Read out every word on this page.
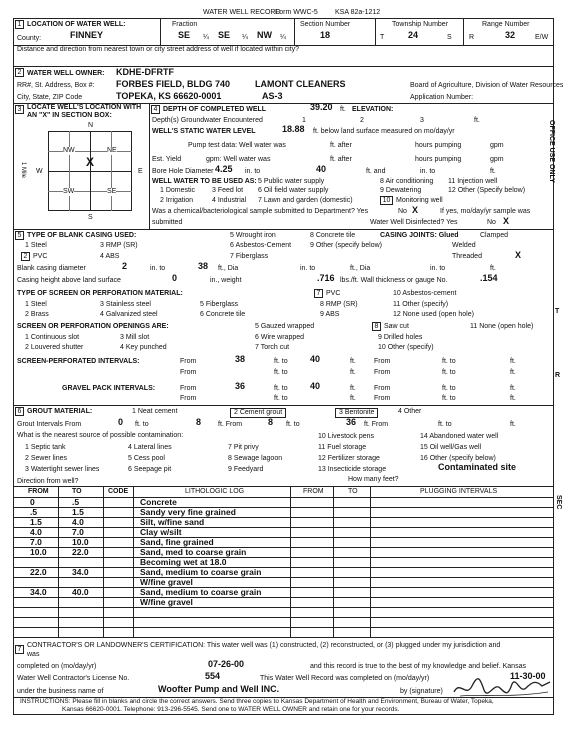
WATER WELL RECORD
Form WWC-5 KSA 82a-1212
1 LOCATION OF WATER WELL:
County:	FINNEY
Fraction
SE ¼ SE ¼ NW ¼
Section Number
18
Township Number
T	24	S
Range Number
R	32	E/W
Distance and direction from nearest town or city street address of well if located within city?
2 WATER WELL OWNER: KDHE-DFRTF
RR#, St. Address, Box #: FORBES FIELD, BLDG 740	LAMONT CLEANERS	Board of Agriculture, Division of Water Resources
City, State, ZIP Code	TOPEKA, KS 66620-0001	AS-3	Application Number:
3 LOCATE WELL'S LOCATION WITH
AN "X" IN SECTION BOX:
N
NW	NE
SW	SE
X
W	E
S
1 Mile
4 DEPTH OF COMPLETED WELL	39.20 ft. ELEVATION:
Depth(s) Groundwater Encountered	1	2	3	ft.
WELL'S STATIC WATER LEVEL	18.88 ft. below land surface measured on mo/day/yr
Pump test data: Well water was	ft. after	hours pumping	gpm
Est. Yield	gpm: Well water was	ft. after	hours pumping	gpm
Bore Hole Diameter 4.25 in. to	40	ft. and	in. to	ft.
WELL WATER TO BE USED AS: 5 Public water supply	8 Air conditioning 11 Injection well
1 Domestic 3 Feed lot 6 Oil field water supply	9 Dewatering	12 Other (Specify below)
2 Irrigation	4 Industrial 7 Lawn and garden (domestic)	10 Monitoring well
Was a chemical/bacteriological sample submitted to Department? Yes	No X	If yes, mo/day/yr sample was
submitted	Water Well Disinfected? Yes	No X
5 TYPE OF BLANK CASING USED:	5 Wrought iron	8 Concrete tile	CASING JOINTS: Glued	Clamped
1 Steel	3 RMP (SR)	6 Asbestos-Cement	9 Other (specify below)	Welded
2 PVC	4 ABS	7 Fiberglass	Threaded	X
Blank casing diameter	2	in. to	38 ft., Dia	in. to	ft., Dia	in. to	ft.
Casing height above land surface	0	in., weight	.716 lbs./ft. Wall thickness or gauge No.	.154
TYPE OF SCREEN OR PERFORATION MATERIAL:	7 PVC	10 Asbestos-cement
1 Steel	3 Stainless steel	5 Fiberglass	8 RMP (SR)	11 Other (specify)
2 Brass	4 Galvanized steel	6 Concrete tile	9 ABS	12 None used (open hole)
SCREEN OR PERFORATION OPENINGS ARE:	5 Gauzed wrapped	8 Saw cut	11 None (open hole)
1 Continuous slot	3 Mill slot	6 Wire wrapped	9 Drilled holes
2 Louvered shutter	4 Key punched	7 Torch cut	10 Other (specify)
SCREEN-PERFORATED INTERVALS:	From	38	ft. to 40	ft.	From	ft. to	ft.
From	ft. to	ft.	From	ft. to	ft.
GRAVEL PACK INTERVALS:	From	36	ft. to 40	ft.	From	ft. to	ft.
From	ft. to	ft.	From	ft. to	ft.
6 GROUT MATERIAL:	1 Neat cement	2 Cement grout	3 Bentonite	4 Other
Grout Intervals From	0 ft. to	8 ft. From	8 ft. to	36 ft. From	ft. to	ft.
What is the nearest source of possible contamination:
1 Septic tank	4 Lateral lines	7 Pit privy
10 Livestock pens	14 Abandoned water well
2 Sewer lines	5 Cess pool	8 Sewage lagoon
11 Fuel storage	15 Oil well/Gas well
3 Watertight sewer lines	6 Seepage pit	9 Feedyard
12 Fertilizer storage
13 Insecticide storage
16 Other (specify below)
Contaminated site
Direction from well?	How many feet?
FROM	TO	CODE	LITHOLOGIC LOG	FROM	TO	PLUGGING INTERVALS
0	.5	Concrete
.5	1.5	Sandy very fine grained
1.5	4.0	Silt, w/fine sand
4.0	7.0	Clay w/silt
7.0	10.0	Sand, fine grained
10.0	22.0	Sand, med to coarse grain
Becoming wet at 18.0
22.0	34.0	Sand, medium to coarse grain
W/fine gravel
34.0	40.0	Sand, medium to coarse grain
W/fine gravel
7
CONTRACTOR'S OR LANDOWNER'S CERTIFICATION: This water well was (1) constructed, (2) reconstructed, or (3) plugged under my jurisdiction and
was
completed on (mo/day/yr)	07-26-00	and this record is true to the best of my knowledge and belief. Kansas
Water Well Contractor's License No.	554	This Water Well Record was completed on (mo/day/yr)	11-30-00
under the business name of	Woofter Pump and Well INC.	by (signature)
INSTRUCTIONS: Please fill in blanks and circle the correct answers. Send three copies to Kansas Department of Health and Environment, Bureau of Water, Topeka,
Kansas 66620-0001. Telephone: 913-296-5545. Send one to WATER WELL OWNER and retain one for your records.
OFFICE USE ONLY
T
R
SEC
